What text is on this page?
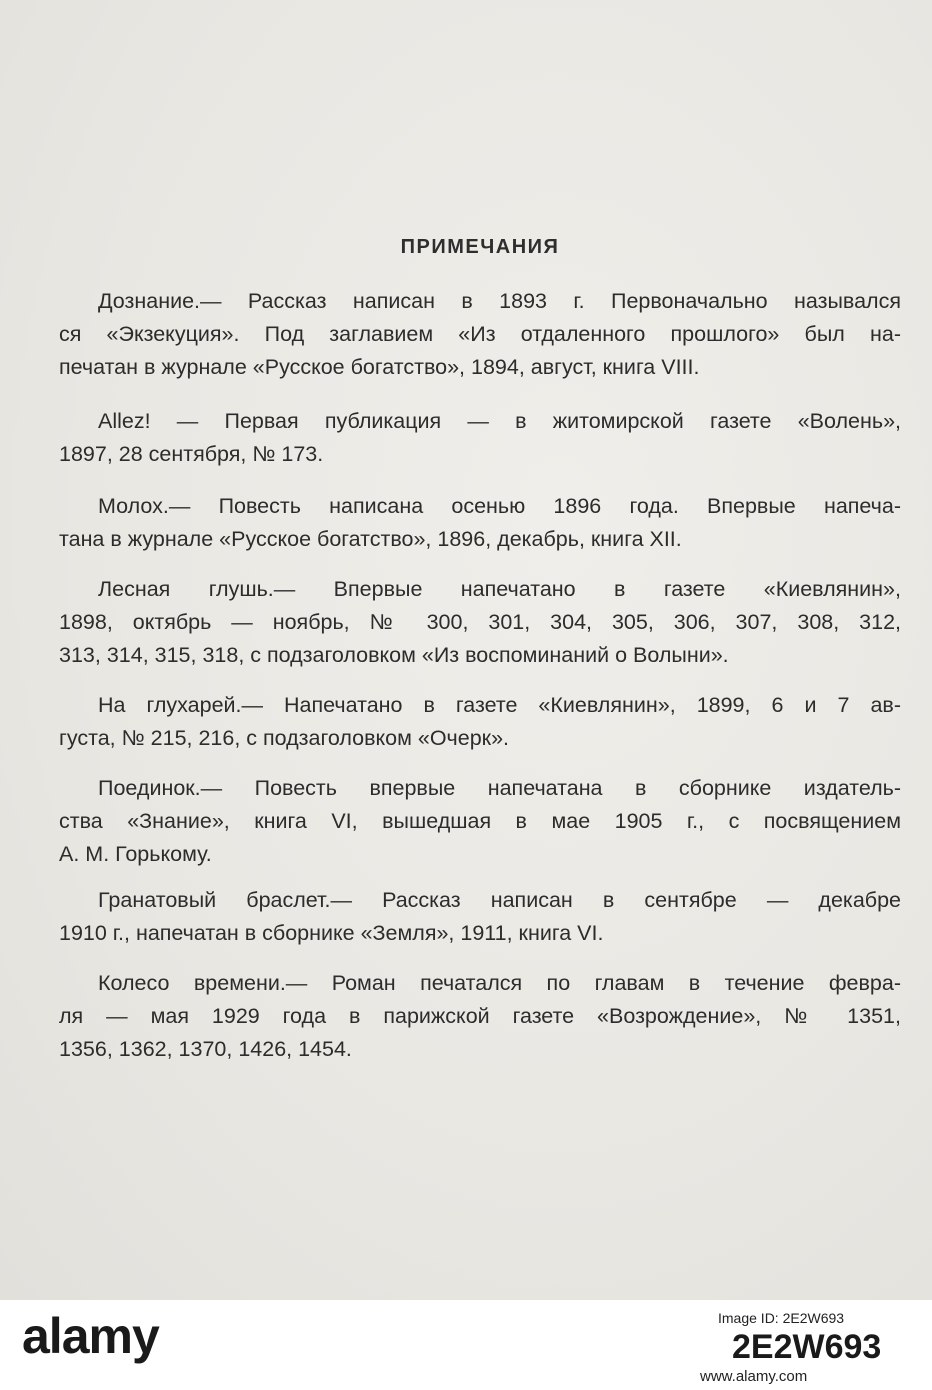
ПРИМЕЧАНИЯ
Дознание.— Рассказ написан в 1893 г. Первоначально назывался
ся «Экзекуция». Под заглавием «Из отдаленного прошлого» был на-
печатан в журнале «Русское богатство», 1894, август, книга VIII.
Allez! — Первая публикация — в житомирской газете «Волень»,
1897, 28 сентября, № 173.
Молох.— Повесть написана осенью 1896 года. Впервые напеча-
тана в журнале «Русское богатство», 1896, декабрь, книга XII.
Лесная глушь.— Впервые напечатано в газете «Киевлянин»,
1898, октябрь — ноябрь, № 300, 301, 304, 305, 306, 307, 308, 312,
313, 314, 315, 318, с подзаголовком «Из воспоминаний о Волыни».
На глухарей.— Напечатано в газете «Киевлянин», 1899, 6 и 7 ав-
густа, № 215, 216, с подзаголовком «Очерк».
Поединок.— Повесть впервые напечатана в сборнике издатель-
ства «Знание», книга VI, вышедшая в мае 1905 г., с посвящением
А. М. Горькому.
Гранатовый браслет.— Рассказ написан в сентябре — декабре
1910 г., напечатан в сборнике «Земля», 1911, книга VI.
Колесо времени.— Роман печатался по главам в течение февра-
ля — мая 1929 года в парижской газете «Возрождение», № 1351,
1356, 1362, 1370, 1426, 1454.
alamy	Image ID: 2E2W693
2E2W693
www.alamy.com
